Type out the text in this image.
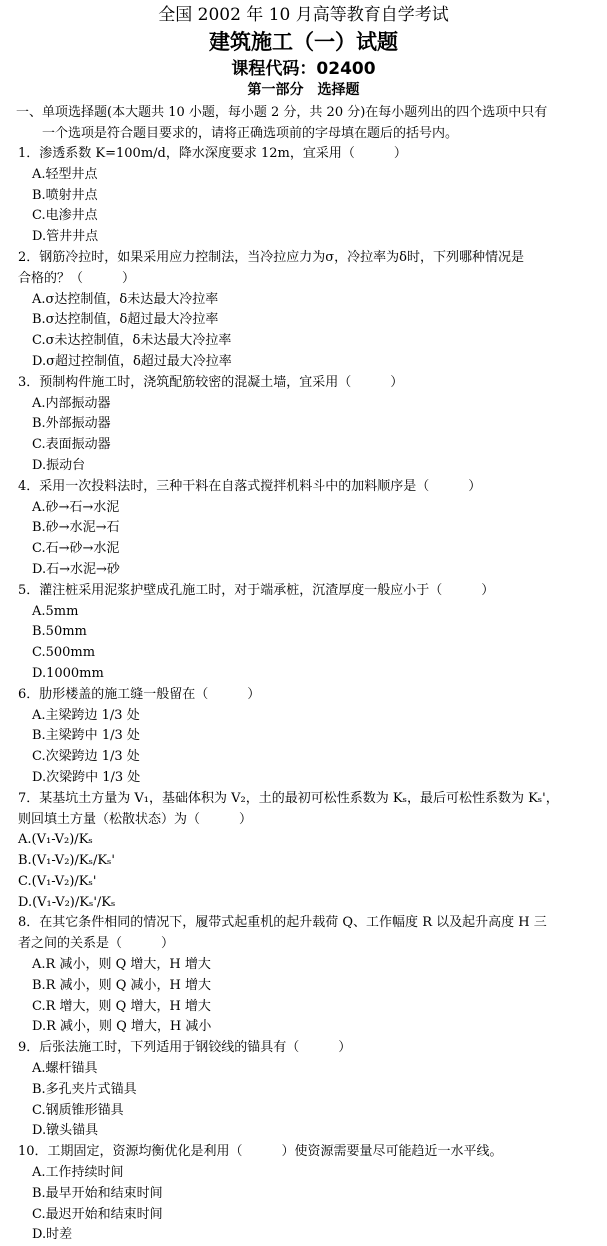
全国 2002 年 10 月高等教育自学考试
建筑施工（一）试题
课程代码：02400
第一部分　选择题
一、单项选择题(本大题共 10 小题，每小题 2 分，共 20 分)在每小题列出的四个选项中只有
一个选项是符合题目要求的，请将正确选项前的字母填在题后的括号内。
1．渗透系数 K=100m/d，降水深度要求 12m，宜采用（　　　）
A.轻型井点
B.喷射井点
C.电渗井点
D.管井井点
2．钢筋冷拉时，如果采用应力控制法，当冷拉应力为σ，冷拉率为δ时，下列哪种情况是
合格的？（　　　）
A.σ达控制值，δ未达最大冷拉率
B.σ达控制值，δ超过最大冷拉率
C.σ未达控制值，δ未达最大冷拉率
D.σ超过控制值，δ超过最大冷拉率
3．预制构件施工时，浇筑配筋较密的混凝土墙，宜采用（　　　）
A.内部振动器
B.外部振动器
C.表面振动器
D.振动台
4．采用一次投料法时，三种干料在自落式搅拌机料斗中的加料顺序是（　　　）
A.砂→石→水泥
B.砂→水泥→石
C.石→砂→水泥
D.石→水泥→砂
5．灌注桩采用泥浆护壁成孔施工时，对于端承桩，沉渣厚度一般应小于（　　　）
A.5mm
B.50mm
C.500mm
D.1000mm
6．肋形楼盖的施工缝一般留在（　　　）
A.主梁跨边 1/3 处
B.主梁跨中 1/3 处
C.次梁跨边 1/3 处
D.次梁跨中 1/3 处
7．某基坑土方量为 V₁，基础体积为 V₂，土的最初可松性系数为 Kₛ，最后可松性系数为 Kₛ'，
则回填土方量（松散状态）为（　　　）
A.(V₁-V₂)/Kₛ
B.(V₁-V₂)/Kₛ/Kₛ'
C.(V₁-V₂)/Kₛ'
D.(V₁-V₂)/Kₛ'/Kₛ
8．在其它条件相同的情况下，履带式起重机的起升载荷 Q、工作幅度 R 以及起升高度 H 三
者之间的关系是（　　　）
A.R 减小，则 Q 增大，H 增大
B.R 减小，则 Q 减小，H 增大
C.R 增大，则 Q 增大，H 增大
D.R 减小，则 Q 增大，H 减小
9．后张法施工时，下列适用于钢铰线的锚具有（　　　）
A.螺杆锚具
B.多孔夹片式锚具
C.钢质锥形锚具
D.镦头锚具
10．工期固定，资源均衡优化是利用（　　　）使资源需要量尽可能趋近一水平线。
A.工作持续时间
B.最早开始和结束时间
C.最迟开始和结束时间
D.时差
